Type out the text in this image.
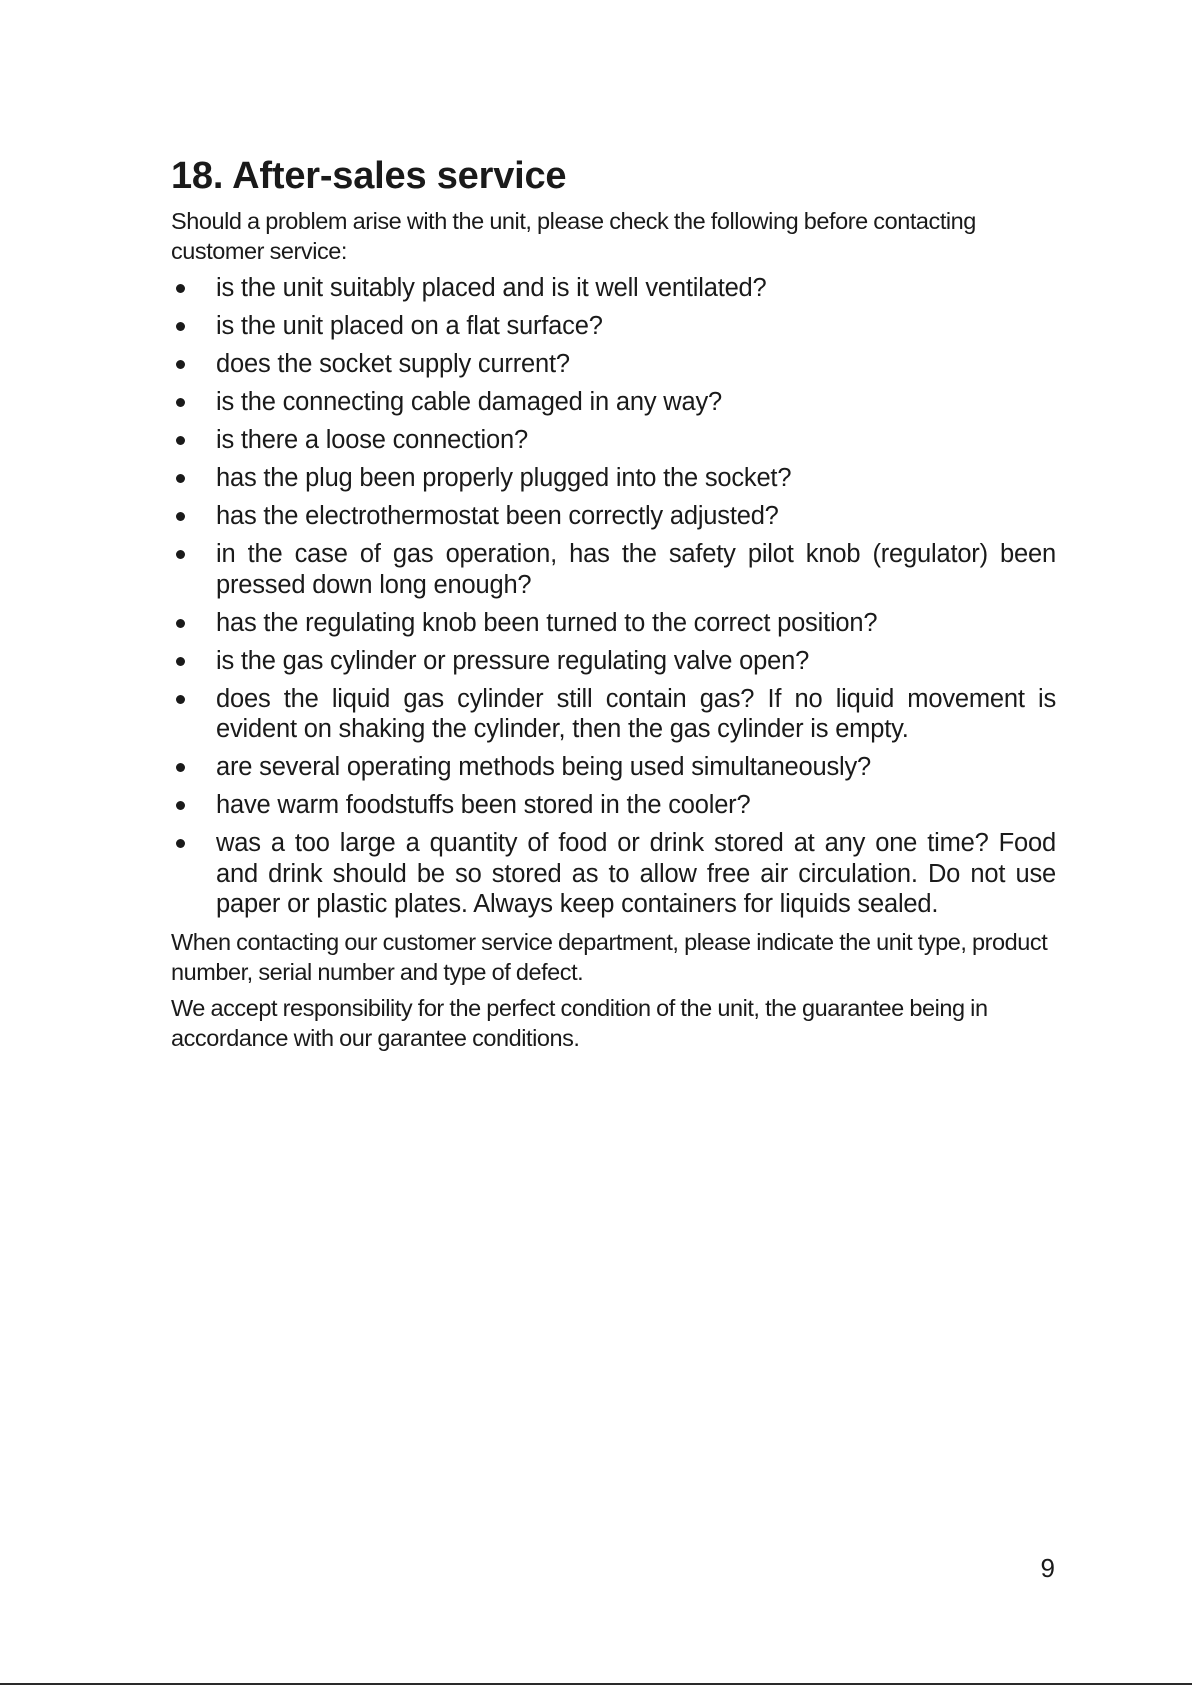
18. After-sales service

Should a problem arise with the unit, please check the following before contacting customer service:

is the unit suitably placed and is it well ventilated?
is the unit placed on a flat surface?
does the socket supply current?
is the connecting cable damaged in any way?
is there a loose connection?
has the plug been properly plugged into the socket?
has the electrothermostat been correctly adjusted?
in the case of gas operation, has the safety pilot knob (regulator) been pressed down long enough?
has the regulating knob been turned to the correct position?
is the gas cylinder or pressure regulating valve open?
does the liquid gas cylinder still contain gas? If no liquid movement is evident on shaking the cylinder, then the gas cylinder is empty.
are several operating methods being used simultaneously?
have warm foodstuffs been stored in the cooler?
was a too large a quantity of food or drink stored at any one time? Food and drink should be so stored as to allow free air circulation. Do not use paper or plastic plates. Always keep containers for liquids sealed.

When contacting our customer service department, please indicate the unit type, product number, serial number and type of defect.

We accept responsibility for the perfect condition of the unit, the guarantee being in accordance with our garantee conditions.

9
